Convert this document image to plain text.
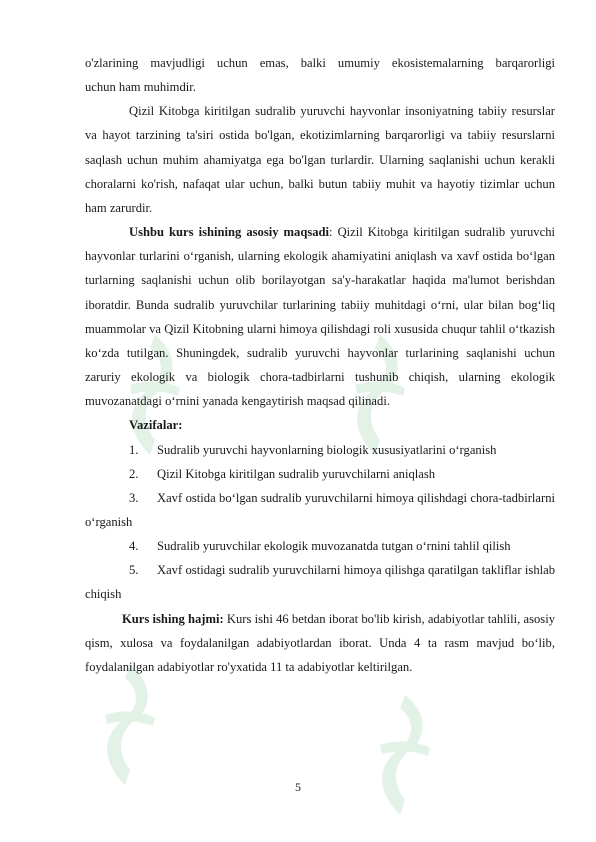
o'zlarining mavjudligi uchun emas, balki umumiy ekosistemalarning barqarorligi

uchun ham muhimdir.

Qizil Kitobga kiritilgan sudralib yuruvchi hayvonlar insoniyatning tabiiy resurslar va hayot tarzining ta'siri ostida bo'lgan, ekotizimlarning barqarorligi va tabiiy resurslarni saqlash uchun muhim ahamiyatga ega bo'lgan turlardir. Ularning saqlanishi uchun kerakli choralarni ko'rish, nafaqat ular uchun, balki butun tabiiy muhit va hayotiy tizimlar uchun ham zarurdir.

Ushbu kurs ishining asosiy maqsadi: Qizil Kitobga kiritilgan sudralib yuruvchi hayvonlar turlarini o‘rganish, ularning ekologik ahamiyatini aniqlash va xavf ostida bo‘lgan turlarning saqlanishi uchun olib borilayotgan sa'y-harakatlar haqida ma'lumot berishdan iboratdir. Bunda sudralib yuruvchilar turlarining tabiiy muhitdagi o‘rni, ular bilan bog‘liq muammolar va Qizil Kitobning ularni himoya qilishdagi roli xususida chuqur tahlil o‘tkazish ko‘zda tutilgan. Shuningdek, sudralib yuruvchi hayvonlar turlarining saqlanishi uchun zaruriy ekologik va biologik chora-tadbirlarni tushunib chiqish, ularning ekologik muvozanatdagi o‘rnini yanada kengaytirish maqsad qilinadi.

Vazifalar:

1. Sudralib yuruvchi hayvonlarning biologik xususiyatlarini o‘rganish

2. Qizil Kitobga kiritilgan sudralib yuruvchilarni aniqlash

3. Xavf ostida bo‘lgan sudralib yuruvchilarni himoya qilishdagi chora-tadbirlarni o‘rganish

4. Sudralib yuruvchilar ekologik muvozanatda tutgan o‘rnini tahlil qilish

5. Xavf ostidagi sudralib yuruvchilarni himoya qilishga qaratilgan takliflar ishlab chiqish

Kurs ishing hajmi: Kurs ishi 46 betdan iborat bo'lib kirish, adabiyotlar tahlili, asosiy qism, xulosa va foydalanilgan adabiyotlardan iborat. Unda 4 ta rasm mavjud bo‘lib, foydalanilgan adabiyotlar ro'yxatida 11 ta adabiyotlar keltirilgan.

5
